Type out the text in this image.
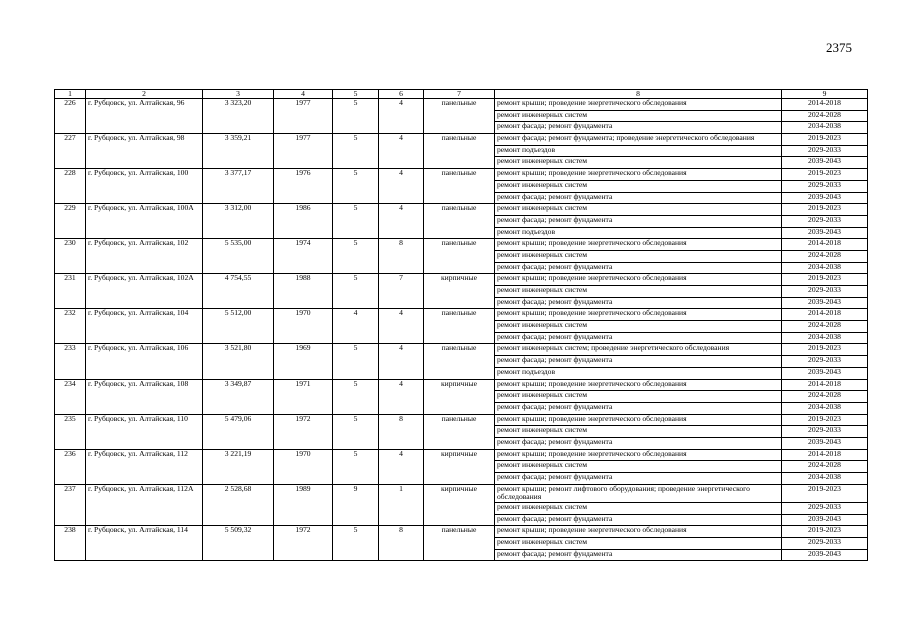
2375
1	2	3	4	5	6	7	8	9
226	г. Рубцовск, ул. Алтайская, 96	3 323,20	1977	5	4	панельные	ремонт крыши; проведение энергетического обследования	2014-2018
							ремонт инженерных систем	2024-2028
							ремонт фасада; ремонт фундамента	2034-2038
227	г. Рубцовск, ул. Алтайская, 98	3 359,21	1977	5	4	панельные	ремонт фасада; ремонт фундамента; проведение энергетического обследования	2019-2023
							ремонт подъездов	2029-2033
							ремонт инженерных систем	2039-2043
228	г. Рубцовск, ул. Алтайская, 100	3 377,17	1976	5	4	панельные	ремонт крыши; проведение энергетического обследования	2019-2023
							ремонт инженерных систем	2029-2033
							ремонт фасада; ремонт фундамента	2039-2043
229	г. Рубцовск, ул. Алтайская, 100А	3 312,00	1986	5	4	панельные	ремонт инженерных систем	2019-2023
							ремонт фасада; ремонт фундамента	2029-2033
							ремонт подъездов	2039-2043
230	г. Рубцовск, ул. Алтайская, 102	5 535,00	1974	5	8	панельные	ремонт крыши; проведение энергетического обследования	2014-2018
							ремонт инженерных систем	2024-2028
							ремонт фасада; ремонт фундамента	2034-2038
231	г. Рубцовск, ул. Алтайская, 102А	4 754,55	1988	5	7	кирпичные	ремонт крыши; проведение энергетического обследования	2019-2023
							ремонт инженерных систем	2029-2033
							ремонт фасада; ремонт фундамента	2039-2043
232	г. Рубцовск, ул. Алтайская, 104	5 512,00	1970	4	4	панельные	ремонт крыши; проведение энергетического обследования	2014-2018
							ремонт инженерных систем	2024-2028
							ремонт фасада; ремонт фундамента	2034-2038
233	г. Рубцовск, ул. Алтайская, 106	3 521,80	1969	5	4	панельные	ремонт инженерных систем; проведение энергетического обследования	2019-2023
							ремонт фасада; ремонт фундамента	2029-2033
							ремонт подъездов	2039-2043
234	г. Рубцовск, ул. Алтайская, 108	3 349,87	1971	5	4	кирпичные	ремонт крыши; проведение энергетического обследования	2014-2018
							ремонт инженерных систем	2024-2028
							ремонт фасада; ремонт фундамента	2034-2038
235	г. Рубцовск, ул. Алтайская, 110	5 479,06	1972	5	8	панельные	ремонт крыши; проведение энергетического обследования	2019-2023
							ремонт инженерных систем	2029-2033
							ремонт фасада; ремонт фундамента	2039-2043
236	г. Рубцовск, ул. Алтайская, 112	3 221,19	1970	5	4	кирпичные	ремонт крыши; проведение энергетического обследования	2014-2018
							ремонт инженерных систем	2024-2028
							ремонт фасада; ремонт фундамента	2034-2038
237	г. Рубцовск, ул. Алтайская, 112А	2 528,68	1989	9	1	кирпичные	ремонт крыши; ремонт лифтового оборудования; проведение энергетического обследования	2019-2023
							ремонт инженерных систем	2029-2033
							ремонт фасада; ремонт фундамента	2039-2043
238	г. Рубцовск, ул. Алтайская, 114	5 509,32	1972	5	8	панельные	ремонт крыши; проведение энергетического обследования	2019-2023
							ремонт инженерных систем	2029-2033
							ремонт фасада; ремонт фундамента	2039-2043
